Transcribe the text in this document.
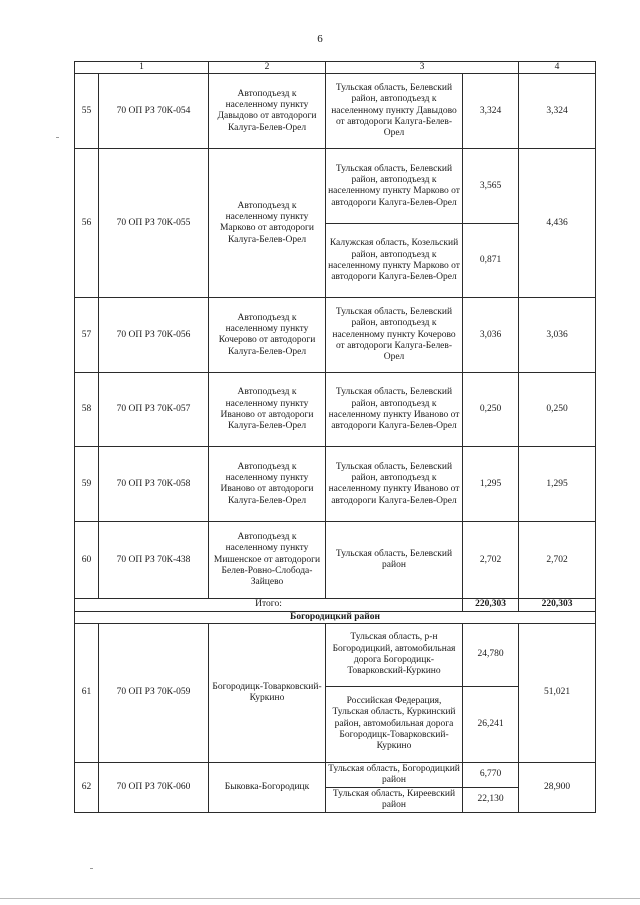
6
1		2	3		4
55	70 ОП РЗ 70К-054	Автоподъезд к населенному пункту Давыдово от автодороги Калуга-Белев-Орел	Тульская область, Белевский район, автоподъезд к населенному пункту Давыдово от автодороги Калуга-Белев-Орел	3,324	3,324
56	70 ОП РЗ 70К-055	Автоподъезд к населенному пункту Марково от автодороги Калуга-Белев-Орел	Тульская область, Белевский район, автоподъезд к населенному пункту Марково от автодороги Калуга-Белев-Орел	3,565	4,436
			Калужская область, Козельский район, автоподъезд к населенному пункту Марково от автодороги Калуга-Белев-Орел	0,871	
57	70 ОП РЗ 70К-056	Автоподъезд к населенному пункту Кочерово от автодороги Калуга-Белев-Орел	Тульская область, Белевский район, автоподъезд к населенному пункту Кочерово от автодороги Калуга-Белев-Орел	3,036	3,036
58	70 ОП РЗ 70К-057	Автоподъезд к населенному пункту Иваново от автодороги Калуга-Белев-Орел	Тульская область, Белевский район, автоподъезд к населенному пункту Иваново от автодороги Калуга-Белев-Орел	0,250	0,250
59	70 ОП РЗ 70К-058	Автоподъезд к населенному пункту Иваново от автодороги Калуга-Белев-Орел	Тульская область, Белевский район, автоподъезд к населенному пункту Иваново от автодороги Калуга-Белев-Орел	1,295	1,295
60	70 ОП РЗ 70К-438	Автоподъезд к населенному пункту Мишенское от автодороги Белев-Ровно-Слобода-Зайцево	Тульская область, Белевский район	2,702	2,702
Итого:				220,303	220,303
Богородицкий район					
61	70 ОП РЗ 70К-059	Богородицк-Товарковский-Куркино	Тульская область, р-н Богородицкий, автомобильная дорога Богородицк-Товарковский-Куркино	24,780	51,021
			Российская Федерация, Тульская область, Куркинский район, автомобильная дорога Богородицк-Товарковский-Куркино	26,241	
62	70 ОП РЗ 70К-060	Быковка-Богородицк	Тульская область, Богородицкий район	6,770	28,900
			Тульская область, Киреевский район	22,130	
